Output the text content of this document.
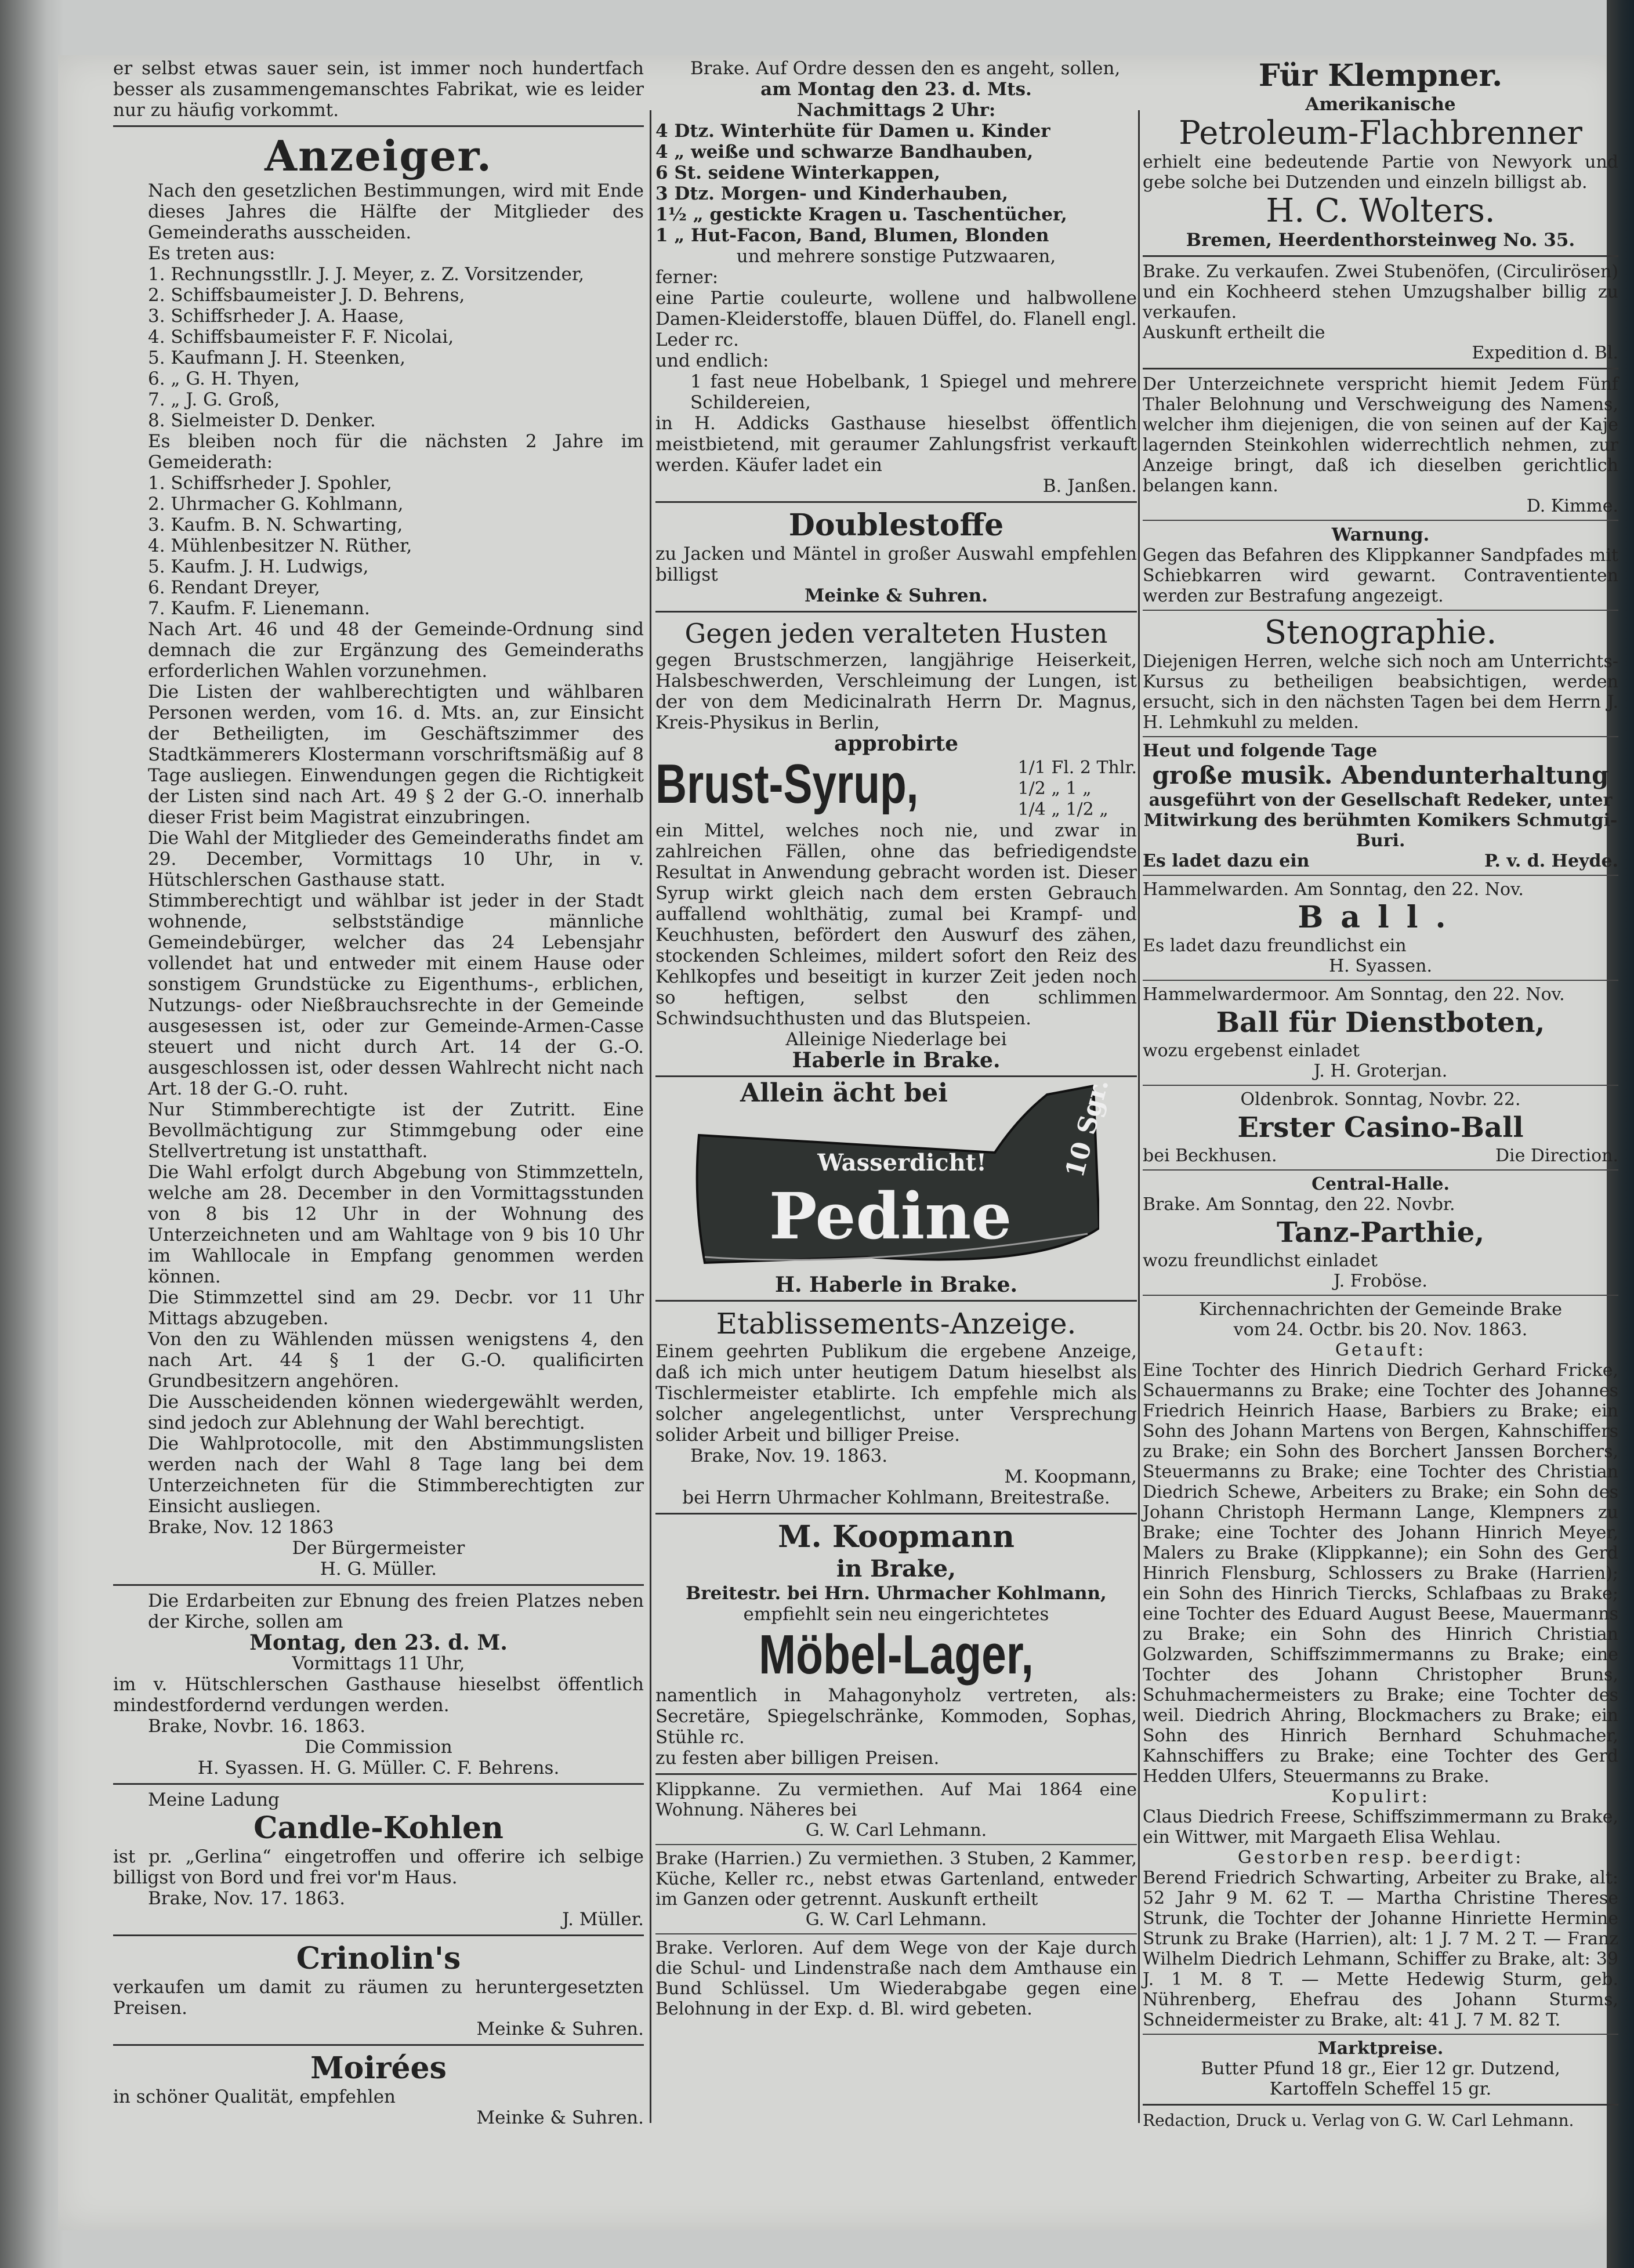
er selbst etwas sauer sein, ist immer noch hundertfach besser als zusammengemanschtes Fabrikat, wie es leider nur zu häufig vorkommt.
Anzeiger.
Nach den gesetzlichen Bestimmungen, wird mit Ende dieses Jahres die Hälfte der Mitglieder des Gemeinderaths ausscheiden.
Es treten aus:
1. Rechnungsstllr. J. J. Meyer, z. Z. Vorsitzender,
2. Schiffsbaumeister J. D. Behrens,
3. Schiffsrheder J. A. Haase,
4. Schiffsbaumeister F. F. Nicolai,
5. Kaufmann J. H. Steenken,
6. „ G. H. Thyen,
7. „ J. G. Groß,
8. Sielmeister D. Denker.
Es bleiben noch für die nächsten 2 Jahre im Gemeiderath:
1. Schiffsrheder J. Spohler,
2. Uhrmacher G. Kohlmann,
3. Kaufm. B. N. Schwarting,
4. Mühlenbesitzer N. Rüther,
5. Kaufm. J. H. Ludwigs,
6. Rendant Dreyer,
7. Kaufm. F. Lienemann.
Nach Art. 46 und 48 der Gemeinde-Ordnung sind demnach die zur Ergänzung des Gemeinderaths erforderlichen Wahlen vorzunehmen.
Die Listen der wahlberechtigten und wählbaren Personen werden, vom 16. d. Mts. an, zur Einsicht der Betheiligten, im Geschäftszimmer des Stadtkämmerers Klostermann vorschriftsmäßig auf 8 Tage ausliegen. Einwendungen gegen die Richtigkeit der Listen sind nach Art. 49 § 2 der G.-O. innerhalb dieser Frist beim Magistrat einzubringen.
Die Wahl der Mitglieder des Gemeinderaths findet am 29. December, Vormittags 10 Uhr, in v. Hütschlerschen Gasthause statt.
Stimmberechtigt und wählbar ist jeder in der Stadt wohnende, selbstständige männliche Gemeindebürger, welcher das 24 Lebensjahr vollendet hat und entweder mit einem Hause oder sonstigem Grundstücke zu Eigenthums-, erblichen, Nutzungs- oder Nießbrauchsrechte in der Gemeinde ausgesessen ist, oder zur Gemeinde-Armen-Casse steuert und nicht durch Art. 14 der G.-O. ausgeschlossen ist, oder dessen Wahlrecht nicht nach Art. 18 der G.-O. ruht.
Nur Stimmberechtigte ist der Zutritt. Eine Bevollmächtigung zur Stimmgebung oder eine Stellvertretung ist unstatthaft.
Die Wahl erfolgt durch Abgebung von Stimmzetteln, welche am 28. December in den Vormittagsstunden von 8 bis 12 Uhr in der Wohnung des Unterzeichneten und am Wahltage von 9 bis 10 Uhr im Wahllocale in Empfang genommen werden können.
Die Stimmzettel sind am 29. Decbr. vor 11 Uhr Mittags abzugeben.
Von den zu Wählenden müssen wenigstens 4, den nach Art. 44 § 1 der G.-O. qualificirten Grundbesitzern angehören.
Die Ausscheidenden können wiedergewählt werden, sind jedoch zur Ablehnung der Wahl berechtigt.
Die Wahlprotocolle, mit den Abstimmungslisten werden nach der Wahl 8 Tage lang bei dem Unterzeichneten für die Stimmberechtigten zur Einsicht ausliegen.
Brake, Nov. 12 1863
Der Bürgermeister
H. G. Müller.
Die Erdarbeiten zur Ebnung des freien Platzes neben der Kirche, sollen am
Montag, den 23. d. M.
Vormittags 11 Uhr,
im v. Hütschlerschen Gasthause hieselbst öffentlich mindestfordernd verdungen werden.
Brake, Novbr. 16. 1863.
Die Commission
H. Syassen. H. G. Müller. C. F. Behrens.
Meine Ladung
Candle-Kohlen
ist pr. „Gerlina“ eingetroffen und offerire ich selbige billigst von Bord und frei vor'm Haus.
Brake, Nov. 17. 1863.
J. Müller.
Crinolin's
verkaufen um damit zu räumen zu heruntergesetzten Preisen.
Meinke & Suhren.
Moirées
in schöner Qualität, empfehlen
Meinke & Suhren.
Brake. Auf Ordre dessen den es angeht, sollen,
am Montag den 23. d. Mts.
Nachmittags 2 Uhr:
4 Dtz. Winterhüte für Damen u. Kinder
4 „ weiße und schwarze Bandhauben,
6 St. seidene Winterkappen,
3 Dtz. Morgen- und Kinderhauben,
1½ „ gestickte Kragen u. Taschentücher,
1 „ Hut-Facon, Band, Blumen, Blonden
und mehrere sonstige Putzwaaren,
ferner:
eine Partie couleurte, wollene und halbwollene Damen-Kleiderstoffe, blauen Düffel, do. Flanell engl. Leder rc.
und endlich:
1 fast neue Hobelbank, 1 Spiegel und mehrere Schildereien,
in H. Addicks Gasthause hieselbst öffentlich meistbietend, mit geraumer Zahlungsfrist verkauft werden. Käufer ladet ein
B. Janßen.
Doublestoffe
zu Jacken und Mäntel in großer Auswahl empfehlen billigst
Meinke & Suhren.
Gegen jeden veralteten Husten
gegen Brustschmerzen, langjährige Heiserkeit, Halsbeschwerden, Verschleimung der Lungen, ist der von dem Medicinalrath Herrn Dr. Magnus, Kreis-Physikus in Berlin,
approbirte
Brust-Syrup,	1/1 Fl. 2 Thlr.
1/2 „ 1 „
1/4 „ 1/2 „
ein Mittel, welches noch nie, und zwar in zahlreichen Fällen, ohne das befriedigendste Resultat in Anwendung gebracht worden ist. Dieser Syrup wirkt gleich nach dem ersten Gebrauch auffallend wohlthätig, zumal bei Krampf- und Keuchhusten, befördert den Auswurf des zähen, stockenden Schleimes, mildert sofort den Reiz des Kehlkopfes und beseitigt in kurzer Zeit jeden noch so heftigen, selbst den schlimmen Schwindsuchthusten und das Blutspeien.
Alleinige Niederlage bei
Haberle in Brake.
Allein ächt bei	10 Sgr.
Wasserdicht!
Pedine
H. Haberle in Brake.
Etablissements-Anzeige.
Einem geehrten Publikum die ergebene Anzeige, daß ich mich unter heutigem Datum hieselbst als Tischlermeister etablirte. Ich empfehle mich als solcher angelegentlichst, unter Versprechung solider Arbeit und billiger Preise.
Brake, Nov. 19. 1863.
M. Koopmann,
bei Herrn Uhrmacher Kohlmann, Breitestraße.
M. Koopmann
in Brake,
Breitestr. bei Hrn. Uhrmacher Kohlmann,
empfiehlt sein neu eingerichtetes
Möbel-Lager,
namentlich in Mahagonyholz vertreten, als: Secretäre, Spiegelschränke, Kommoden, Sophas, Stühle rc.
zu festen aber billigen Preisen.
Klippkanne. Zu vermiethen. Auf Mai 1864 eine Wohnung. Näheres bei
G. W. Carl Lehmann.
Brake (Harrien.) Zu vermiethen. 3 Stuben, 2 Kammer, Küche, Keller rc., nebst etwas Gartenland, entweder im Ganzen oder getrennt. Auskunft ertheilt
G. W. Carl Lehmann.
Brake. Verloren. Auf dem Wege von der Kaje durch die Schul- und Lindenstraße nach dem Amthause ein Bund Schlüssel. Um Wiederabgabe gegen eine Belohnung in der Exp. d. Bl. wird gebeten.
Für Klempner.
Amerikanische
Petroleum-Flachbrenner
erhielt eine bedeutende Partie von Newyork und gebe solche bei Dutzenden und einzeln billigst ab.
H. C. Wolters.
Bremen, Heerdenthorsteinweg No. 35.
Brake. Zu verkaufen. Zwei Stubenöfen, (Circulirösen) und ein Kochheerd stehen Umzugshalber billig zu verkaufen.
Auskunft ertheilt die
Expedition d. Bl.
Der Unterzeichnete verspricht hiemit Jedem Fünf Thaler Belohnung und Verschweigung des Namens, welcher ihm diejenigen, die von seinen auf der Kaje lagernden Steinkohlen widerrechtlich nehmen, zur Anzeige bringt, daß ich dieselben gerichtlich belangen kann.
D. Kimme.
Warnung.
Gegen das Befahren des Klippkanner Sandpfades mit Schiebkarren wird gewarnt. Contraventienten werden zur Bestrafung angezeigt.
Stenographie.
Diejenigen Herren, welche sich noch am Unterrichts-Kursus zu betheiligen beabsichtigen, werden ersucht, sich in den nächsten Tagen bei dem Herrn J. H. Lehmkuhl zu melden.
Heut und folgende Tage
große musik. Abendunterhaltung
ausgeführt von der Gesellschaft Redeker, unter Mitwirkung des berühmten Komikers Schmutgi-Buri.
Es ladet dazu ein	P. v. d. Heyde.
Hammelwarden. Am Sonntag, den 22. Nov.
Ball.
Es ladet dazu freundlichst ein
H. Syassen.
Hammelwardermoor. Am Sonntag, den 22. Nov.
Ball für Dienstboten,
wozu ergebenst einladet
J. H. Groterjan.
Oldenbrok. Sonntag, Novbr. 22.
Erster Casino-Ball
bei Beckhusen.	Die Direction.
Central-Halle.
Brake. Am Sonntag, den 22. Novbr.
Tanz-Parthie,
wozu freundlichst einladet
J. Froböse.
Kirchennachrichten der Gemeinde Brake
vom 24. Octbr. bis 20. Nov. 1863.
Getauft:
Eine Tochter des Hinrich Diedrich Gerhard Fricke, Schauermanns zu Brake; eine Tochter des Johannes Friedrich Heinrich Haase, Barbiers zu Brake; ein Sohn des Johann Martens von Bergen, Kahnschiffers zu Brake; ein Sohn des Borchert Janssen Borchers, Steuermanns zu Brake; eine Tochter des Christian Diedrich Schewe, Arbeiters zu Brake; ein Sohn des Johann Christoph Hermann Lange, Klempners zu Brake; eine Tochter des Johann Hinrich Meyer, Malers zu Brake (Klippkanne); ein Sohn des Gerd Hinrich Flensburg, Schlossers zu Brake (Harrien); ein Sohn des Hinrich Tiercks, Schlafbaas zu Brake; eine Tochter des Eduard August Beese, Mauermanns zu Brake; ein Sohn des Hinrich Christian Golzwarden, Schiffszimmermanns zu Brake; eine Tochter des Johann Christopher Bruns, Schuhmachermeisters zu Brake; eine Tochter des weil. Diedrich Ahring, Blockmachers zu Brake; ein Sohn des Hinrich Bernhard Schuhmacher, Kahnschiffers zu Brake; eine Tochter des Gerd Hedden Ulfers, Steuermanns zu Brake.
Kopulirt:
Claus Diedrich Freese, Schiffszimmermann zu Brake, ein Wittwer, mit Margaeth Elisa Wehlau.
Gestorben resp. beerdigt:
Berend Friedrich Schwarting, Arbeiter zu Brake, alt: 52 Jahr 9 M. 62 T. — Martha Christine Therese Strunk, die Tochter der Johanne Hinriette Hermine Strunk zu Brake (Harrien), alt: 1 J. 7 M. 2 T. — Franz Wilhelm Diedrich Lehmann, Schiffer zu Brake, alt: 39 J. 1 M. 8 T. — Mette Hedewig Sturm, geb. Nührenberg, Ehefrau des Johann Sturms, Schneidermeister zu Brake, alt: 41 J. 7 M. 82 T.
Marktpreise.
Butter Pfund 18 gr., Eier 12 gr. Dutzend,
Kartoffeln Scheffel 15 gr.
Redaction, Druck u. Verlag von G. W. Carl Lehmann.
